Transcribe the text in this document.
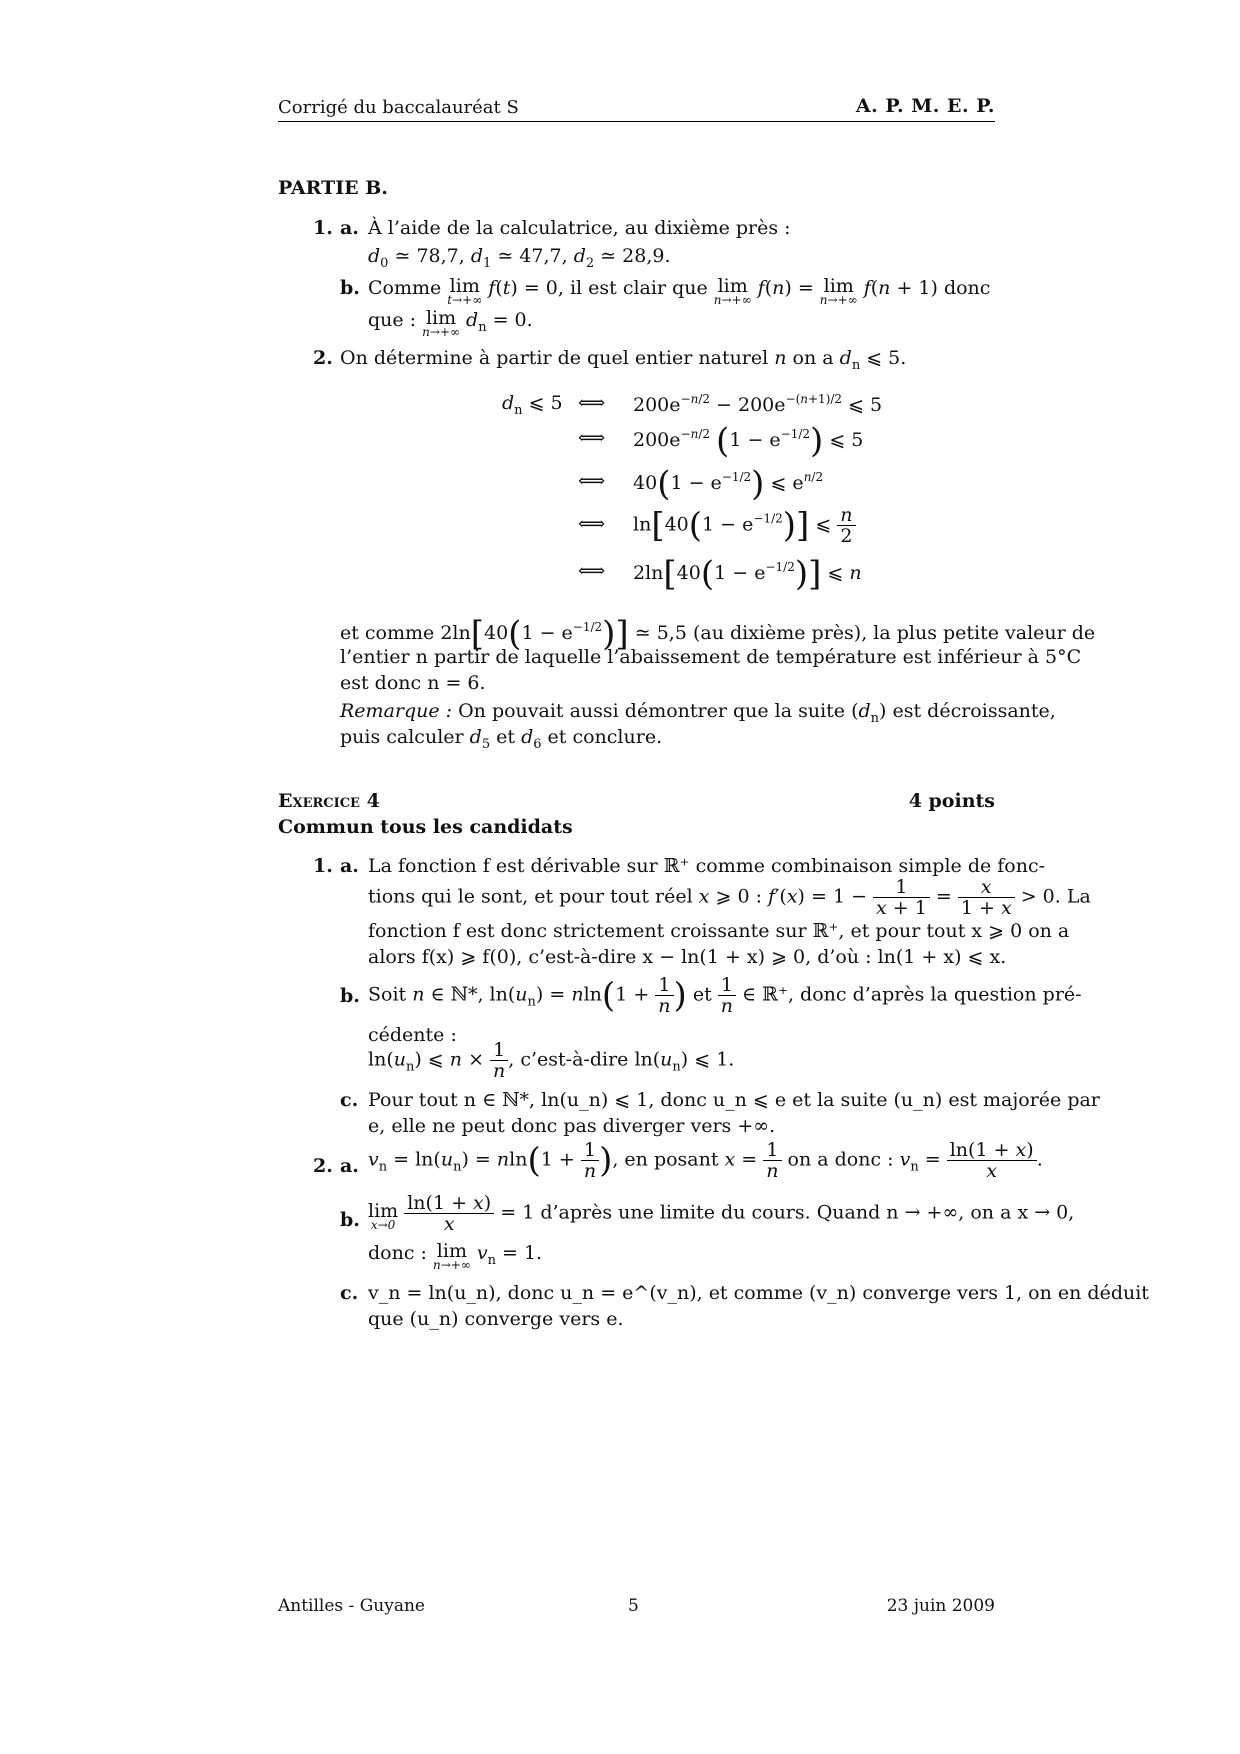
Corrigé du baccalauréat S	A. P. M. E. P.
PARTIE B.
1. a. À l’aide de la calculatrice, au dixième près :
$d_0$ ≃ 78,7, $d_1$ ≃ 47,7, $d_2$ ≃ 28,9.
b. Comme lim
t→+∞
f(t) = 0, il est clair que lim
n→+∞
f(n) = lim
n→+∞
f(n + 1) donc
que : lim
n→+∞
$d_n = 0$.
2. On détermine à partir de quel entier naturel n on a $d_n$ ⩽ 5.
$d_n$ ⩽ 5 ⟺ $200e^{-n/2} - 200e^{-(n+1)/2}$ ⩽ 5
⟺ $200e^{-n/2}$ $(1 - e^{-1/2})$ ⩽ 5
⟺ $40(1 - e^{-1/2})$ ⩽ $e^{n/2}$
⟺ $\ln[40(1 - e^{-1/2})]$ ⩽ $\frac{n}{2}$
⟺ $2\ln[40(1 - e^{-1/2})]$ ⩽ n
et comme $2\ln[40(1 - e^{-1/2})]$ ≃ 5,5 (au dixième près), la plus petite valeur de
l’entier n partir de laquelle l’abaissement de température est inférieur à 5°C
est donc n = 6.
Remarque : On pouvait aussi démontrer que la suite $(d_n)$ est décroissante,
puis calculer $d_5$ et $d_6$ et conclure.
Exercice 4	4 points
Commun tous les candidats
1. a. La fonction f est dérivable sur ℝ⁺ comme combinaison simple de fonc-
tions qui le sont, et pour tout réel x ⩾ 0 : $f'(x) = 1 - \frac{1}{x + 1} = \frac{x}{1 + x} > 0$. La
fonction f est donc strictement croissante sur ℝ⁺, et pour tout x ⩾ 0 on a
alors f(x) ⩾ f(0), c’est-à-dire x − ln(1 + x) ⩾ 0, d’où : ln(1 + x) ⩽ x.
b. Soit n ∈ ℕ*, $\ln(u_n) = nln(1 + \frac{1}{n}$ ) et $\frac{1}{n}$ ∈ ℝ⁺, donc d’après la question pré-
cédente :
$\ln(u_n)$ ⩽ $n \times \frac{1}{n}$ , c’est-à-dire $\ln(u_n)$ ⩽ 1.
c. Pour tout n ∈ ℕ*, ln(u_n) ⩽ 1, donc u_n ⩽ e et la suite (u_n) est majorée par
e, elle ne peut donc pas diverger vers +∞.
2. a. $v_n = \ln(u_n) = nln(1 + \frac{1}{n}$ ), en posant $x = \frac{1}{n}$ on a donc : $v_n = \frac{\ln(1 + x)}{x}$ .
b. lim
x→0
$\frac{\ln(1 + x)}{x} = 1$ d’après une limite du cours. Quand n → +∞, on a x → 0,
donc : lim
n→+∞
$v_n = 1$.
c. v_n = ln(u_n), donc u_n = e^(v_n), et comme (v_n) converge vers 1, on en déduit
que (u_n) converge vers e.
Antilles - Guyane	5	23 juin 2009
